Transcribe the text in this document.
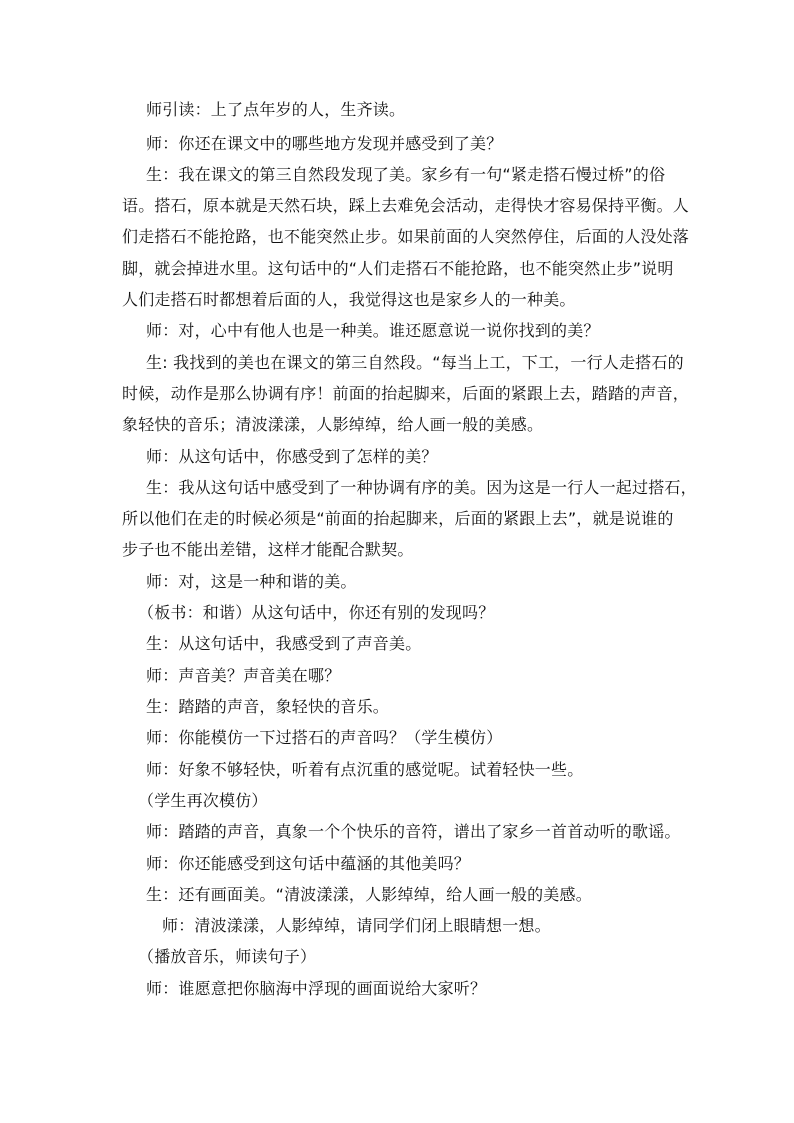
师引读：上了点年岁的人，生齐读。
师：你还在课文中的哪些地方发现并感受到了美？
生：我在课文的第三自然段发现了美。家乡有一句“紧走搭石慢过桥”的俗
语。搭石，原本就是天然石块，踩上去难免会活动，走得快才容易保持平衡。人
们走搭石不能抢路，也不能突然止步。如果前面的人突然停住，后面的人没处落
脚，就会掉进水里。这句话中的“人们走搭石不能抢路，也不能突然止步”说明
人们走搭石时都想着后面的人，我觉得这也是家乡人的一种美。
师：对，心中有他人也是一种美。谁还愿意说一说你找到的美？
生: 我找到的美也在课文的第三自然段。“每当上工，下工，一行人走搭石的
时候，动作是那么协调有序！前面的抬起脚来，后面的紧跟上去，踏踏的声音，
象轻快的音乐；清波漾漾，人影绰绰，给人画一般的美感。
师：从这句话中，你感受到了怎样的美？
生：我从这句话中感受到了一种协调有序的美。因为这是一行人一起过搭石，
所以他们在走的时候必须是“前面的抬起脚来，后面的紧跟上去”，就是说谁的
步子也不能出差错，这样才能配合默契。
师：对，这是一种和谐的美。
（板书：和谐）从这句话中，你还有别的发现吗？
生：从这句话中，我感受到了声音美。
师：声音美？声音美在哪？
生：踏踏的声音，象轻快的音乐。
师：你能模仿一下过搭石的声音吗？（学生模仿）
师：好象不够轻快，听着有点沉重的感觉呢。试着轻快一些。
（学生再次模仿）
师：踏踏的声音，真象一个个快乐的音符，谱出了家乡一首首动听的歌谣。
师：你还能感受到这句话中蕴涵的其他美吗？
生：还有画面美。“清波漾漾，人影绰绰，给人画一般的美感。
师：清波漾漾，人影绰绰，请同学们闭上眼睛想一想。
（播放音乐，师读句子）
师：谁愿意把你脑海中浮现的画面说给大家听？
